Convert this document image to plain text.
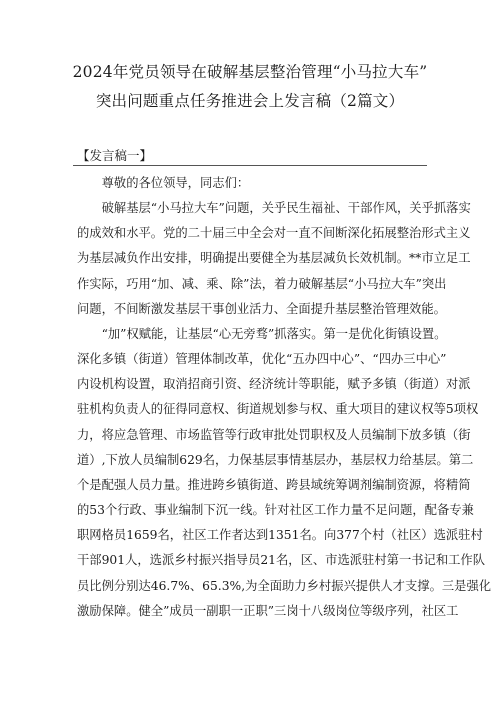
2024年党员领导在破解基层整治管理“小马拉大车”
突出问题重点任务推进会上发言稿（2篇文）
【发言稿一】
尊敬的各位领导，同志们：
破解基层“小马拉大车”问题，关乎民生福祉、干部作风，关乎抓落实
的成效和水平。党的二十届三中全会对一直不间断深化拓展整治形式主义
为基层减负作出安排，明确提出要健全为基层减负长效机制。**市立足工
作实际，巧用“加、减、乘、除”法，着力破解基层“小马拉大车”突出
问题，不间断激发基层干事创业活力、全面提升基层整治管理效能。
“加”权赋能，让基层“心无旁骛”抓落实。第一是优化街镇设置。
深化多镇（街道）管理体制改革，优化“五办四中心”、“四办三中心”
内设机构设置，取消招商引资、经济统计等职能，赋予多镇（街道）对派
驻机构负责人的征得同意权、街道规划参与权、重大项目的建议权等5项权
力，将应急管理、市场监管等行政审批处罚职权及人员编制下放多镇（街
道）,下放人员编制629名，力保基层事情基层办，基层权力给基层。第二
个是配强人员力量。推进跨乡镇街道、跨县域统筹调剂编制资源，将精简
的53个行政、事业编制下沉一线。针对社区工作力量不足问题，配备专兼
职网格员1659名，社区工作者达到1351名。向377个村（社区）选派驻村
干部901人，选派乡村振兴指导员21名，区、市选派驻村第一书记和工作队
员比例分别达46.7%、65.3%,为全面助力乡村振兴提供人才支撑。三是强化
激励保障。健全”成员一副职一正职”三岗十八级岗位等级序列，社区工
